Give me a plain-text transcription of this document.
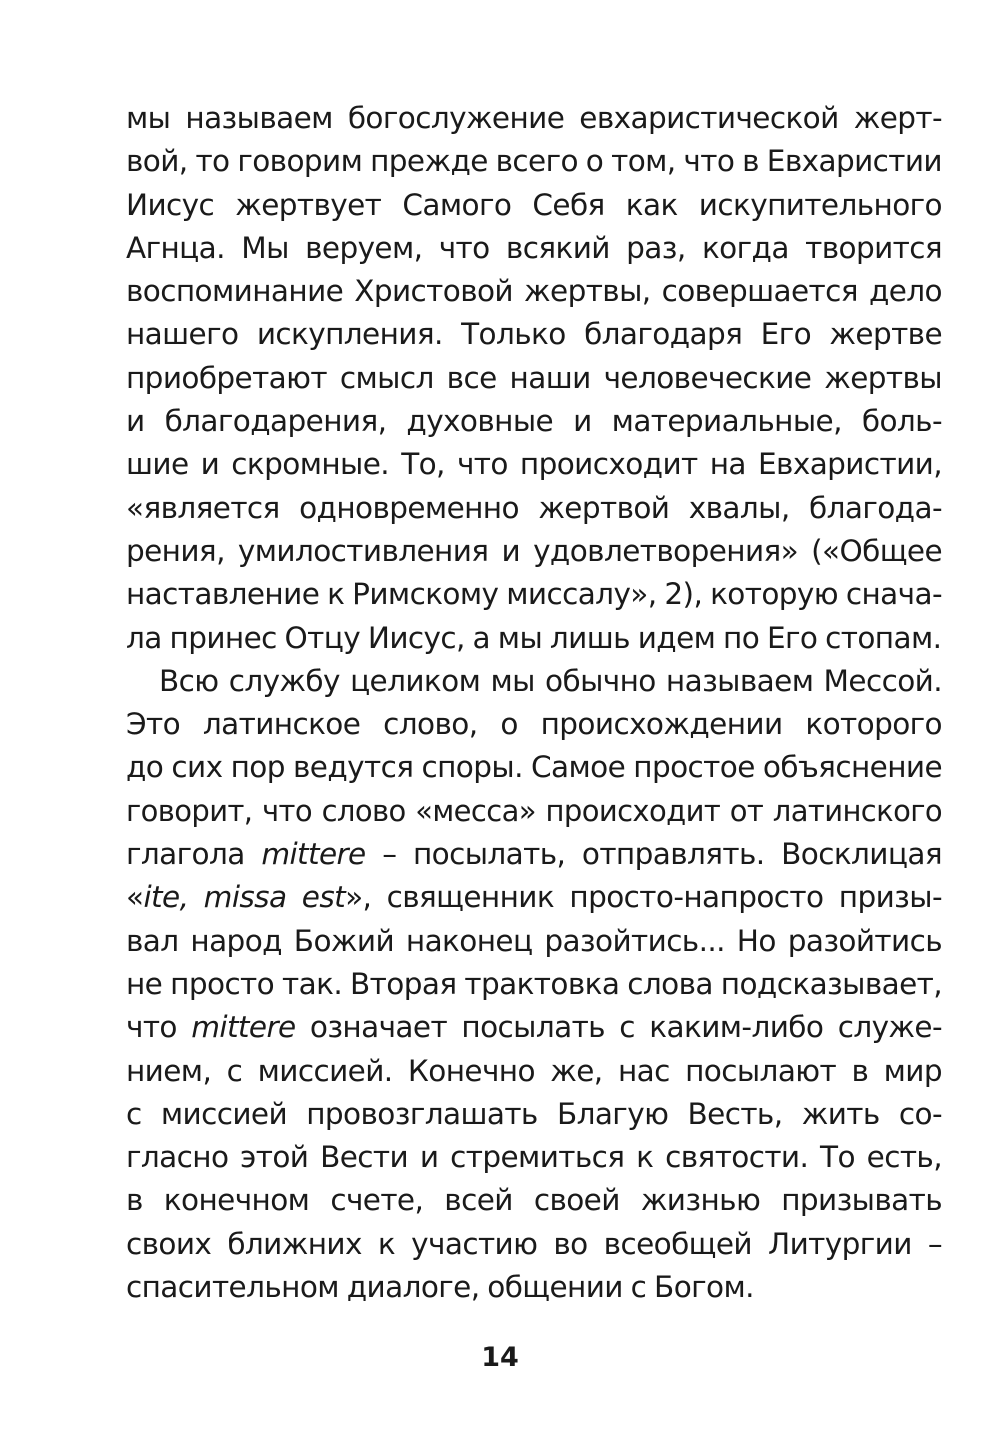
мы называем богослужение евхаристической жерт-
вой, то говорим прежде всего о том, что в Евхаристии
Иисус жертвует Самого Себя как искупительного
Агнца. Мы веруем, что всякий раз, когда творится
воспоминание Христовой жертвы, совершается дело
нашего искупления. Только благодаря Его жертве
приобретают смысл все наши человеческие жертвы
и благодарения, духовные и материальные, боль-
шие и скромные. То, что происходит на Евхаристии,
«является одновременно жертвой хвалы, благода-
рения, умилостивления и удовлетворения» («Общее
наставление к Римскому миссалу», 2), которую снача-
ла принес Отцу Иисус, а мы лишь идем по Его стопам.
Всю службу целиком мы обычно называем Мессой.
Это латинское слово, о происхождении которого
до сих пор ведутся споры. Самое простое объяснение
говорит, что слово «месса» происходит от латинского
глагола mittere – посылать, отправлять. Восклицая
«ite, missa est», священник просто-напросто призы-
вал народ Божий наконец разойтись... Но разойтись
не просто так. Вторая трактовка слова подсказывает,
что mittere означает посылать с каким-либо служе-
нием, с миссией. Конечно же, нас посылают в мир
с миссией провозглашать Благую Весть, жить со-
гласно этой Вести и стремиться к святости. То есть,
в конечном счете, всей своей жизнью призывать
своих ближних к участию во всеобщей Литургии –
спасительном диалоге, общении с Богом.
14
